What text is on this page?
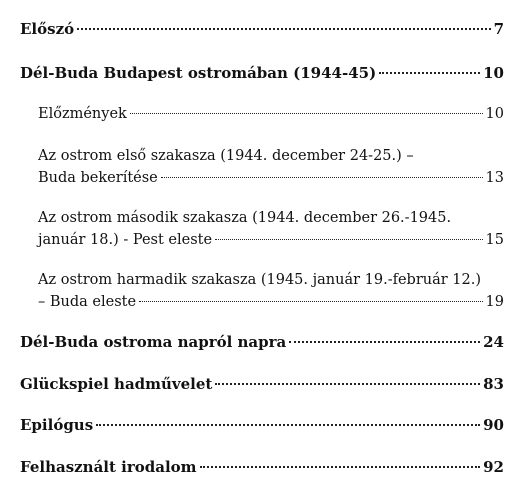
Előszó	7
Dél-Buda Budapest ostromában (1944-45)	10
Előzmények	10
Az ostrom első szakasza (1944. december 24-25.) –
Buda bekerítése	13
Az ostrom második szakasza (1944. december 26.-1945.
január 18.) - Pest eleste	15
Az ostrom harmadik szakasza (1945. január 19.-február 12.)
– Buda eleste	19
Dél-Buda ostroma napról napra	24
Glückspiel hadművelet	83
Epilógus	90
Felhasznált irodalom	92
